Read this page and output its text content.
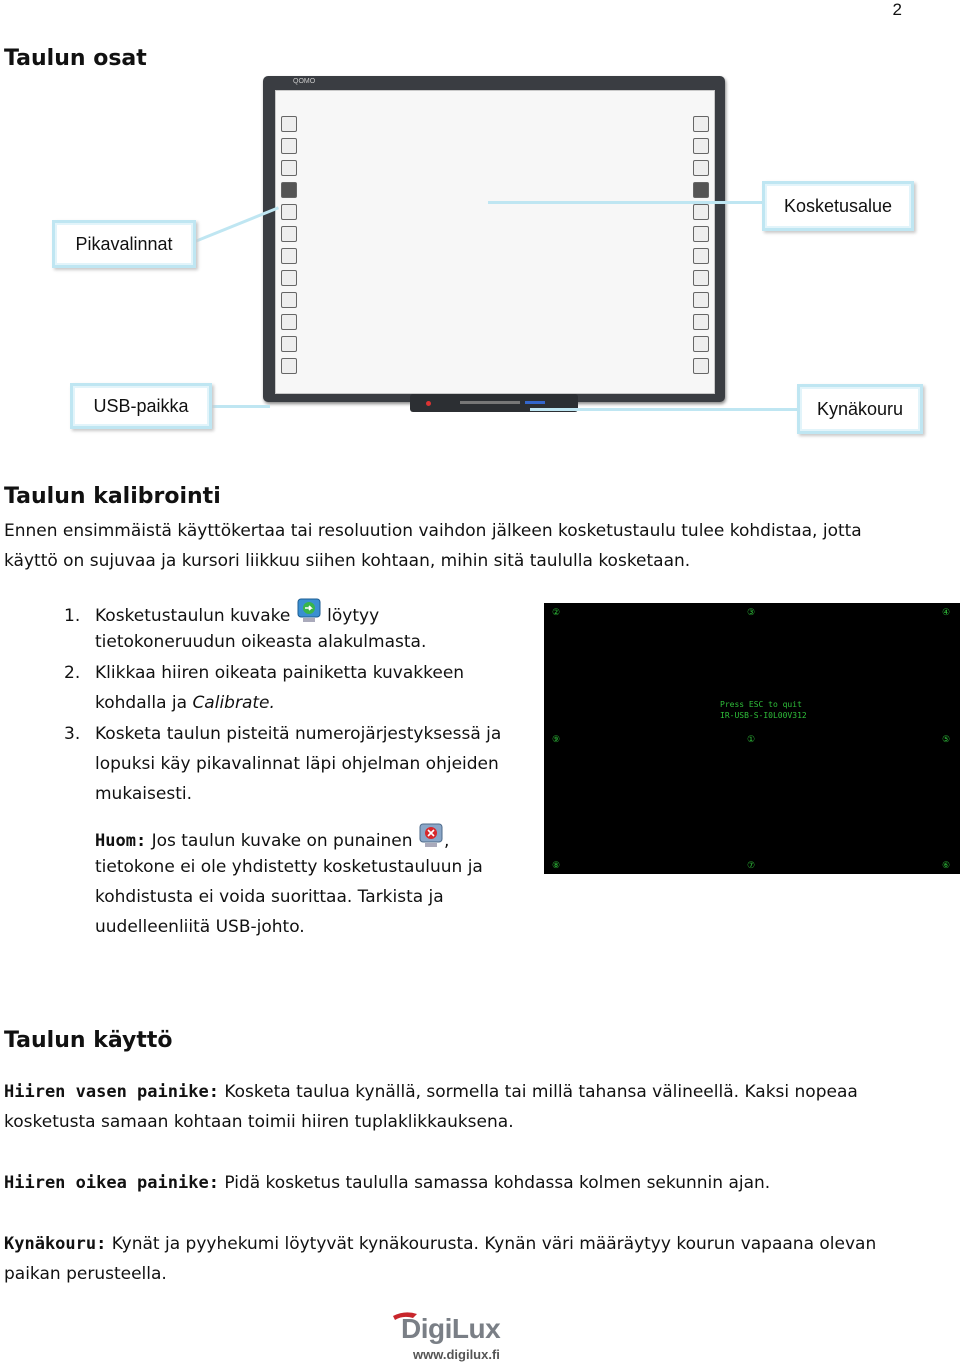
2
Taulun osat
QOMO
Pikavalinnat
Kosketusalue
USB-paikka	Kynäkouru
Taulun kalibrointi
Ennen ensimmäistä käyttökertaa tai resoluution vaihdon jälkeen kosketustaulu tulee kohdistaa, jotta
käyttö on sujuvaa ja kursori liikkuu siihen kohtaan, mihin sitä taululla kosketaan.
1. Kosketustaulun kuvake löytyy
tietokoneruudun oikeasta alakulmasta.
2. Klikkaa hiiren oikeata painiketta kuvakkeen
kohdalla ja Calibrate.
3. Kosketa taulun pisteitä numerojärjestyksessä ja
lopuksi käy pikavalinnat läpi ohjelman ohjeiden
mukaisesti.
Huom: Jos taulun kuvake on punainen ,
tietokone ei ole yhdistetty kosketustauluun ja
kohdistusta ei voida suorittaa. Tarkista ja
uudelleenliitä USB-johto.
②	③	④
Press ESC to quit
IR-USB-S-I0L00V312
⑨	①	⑤
⑧	⑦	⑥
Taulun käyttö
Hiiren vasen painike: Kosketa taulua kynällä, sormella tai millä tahansa välineellä. Kaksi nopeaa
kosketusta samaan kohtaan toimii hiiren tuplaklikkauksena.
Hiiren oikea painike: Pidä kosketus taululla samassa kohdassa kolmen sekunnin ajan.
Kynäkouru: Kynät ja pyyhekumi löytyvät kynäkourusta. Kynän väri määräytyy kourun vapaana olevan
paikan perusteella.
DigiLux
www.digilux.fi
